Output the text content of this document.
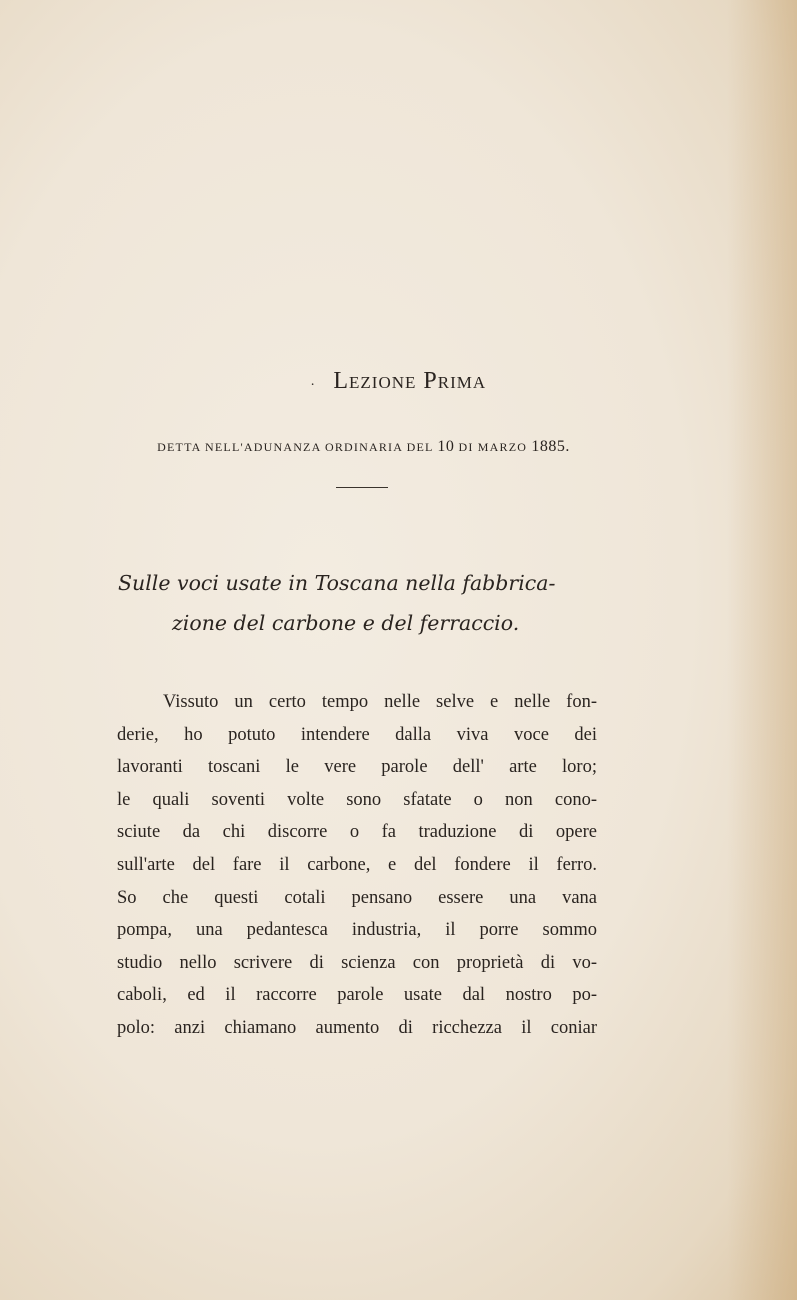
. Lezione Prima
DETTA NELL'ADUNANZA ORDINARIA DEL 10 DI MARZO 1885.
Sulle voci usate in Toscana nella fabbrica-
zione del carbone e del ferraccio.
Vissuto un certo tempo nelle selve e nelle fon-
derie, ho potuto intendere dalla viva voce dei
lavoranti toscani le vere parole dell' arte loro;
le quali soventi volte sono sfatate o non cono-
sciute da chi discorre o fa traduzione di opere
sull'arte del fare il carbone, e del fondere il ferro.
So che questi cotali pensano essere una vana
pompa, una pedantesca industria, il porre sommo
studio nello scrivere di scienza con proprietà di vo-
caboli, ed il raccorre parole usate dal nostro po-
polo: anzi chiamano aumento di ricchezza il coniar
